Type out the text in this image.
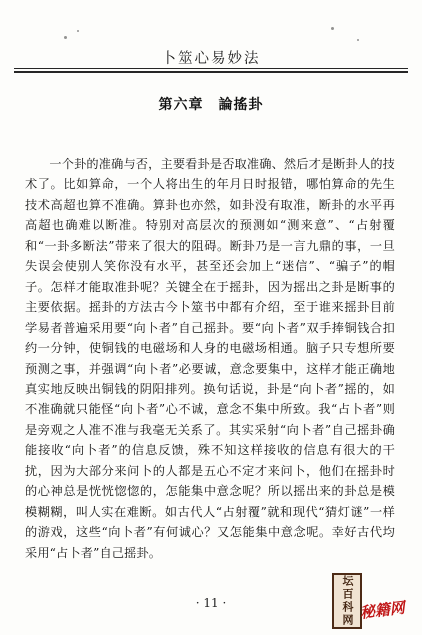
卜筮心易妙法
第六章　論搖卦

一个卦的准确与否，主要看卦是否取准确、然后才是断卦人的技术了。比如算命，一个人将出生的年月日时报错，哪怕算命的先生技术高超也算不准确。算卦也亦然，如卦没有取准，断卦的水平再高超也确难以断准。特别对高层次的预测如“测来意”、“占射覆和“一卦多断法”带来了很大的阻碍。断卦乃是一言九鼎的事，一旦失误会使别人笑你没有水平，甚至还会加上“迷信”、“骗子”的帽子。怎样才能取准卦呢？关键全在于摇卦，因为摇出之卦是断事的主要依据。摇卦的方法古今卜筮书中都有介绍，至于谁来摇卦目前学易者普遍采用要“向卜者”自己摇卦。要“向卜者”双手捧铜钱合扣约一分钟，使铜钱的电磁场和人身的电磁场相通。脑子只专想所要预测之事，并强调“向卜者”必要诚，意念要集中，这样才能正确地真实地反映出铜钱的阴阳排列。换句话说，卦是“向卜者”摇的，如不准确就只能怪“向卜者”心不诚，意念不集中所致。我“占卜者”则是旁观之人准不准与我毫无关系了。其实采射“向卜者”自己摇卦确能接收“向卜者”的信息反馈，殊不知这样接收的信息有很大的干扰，因为大部分来问卜的人都是五心不定才来问卜，他们在摇卦时的心神总是恍恍惚惚的，怎能集中意念呢？所以摇出来的卦总是模模糊糊，叫人实在难断。如古代人“占射覆”就和现代“猜灯谜”一样的游戏，这些“向卜者”有何诚心？又怎能集中意念呢。幸好古代均采用“占卜者”自己摇卦。

· 11 ·	坛百科网 秘籍网
